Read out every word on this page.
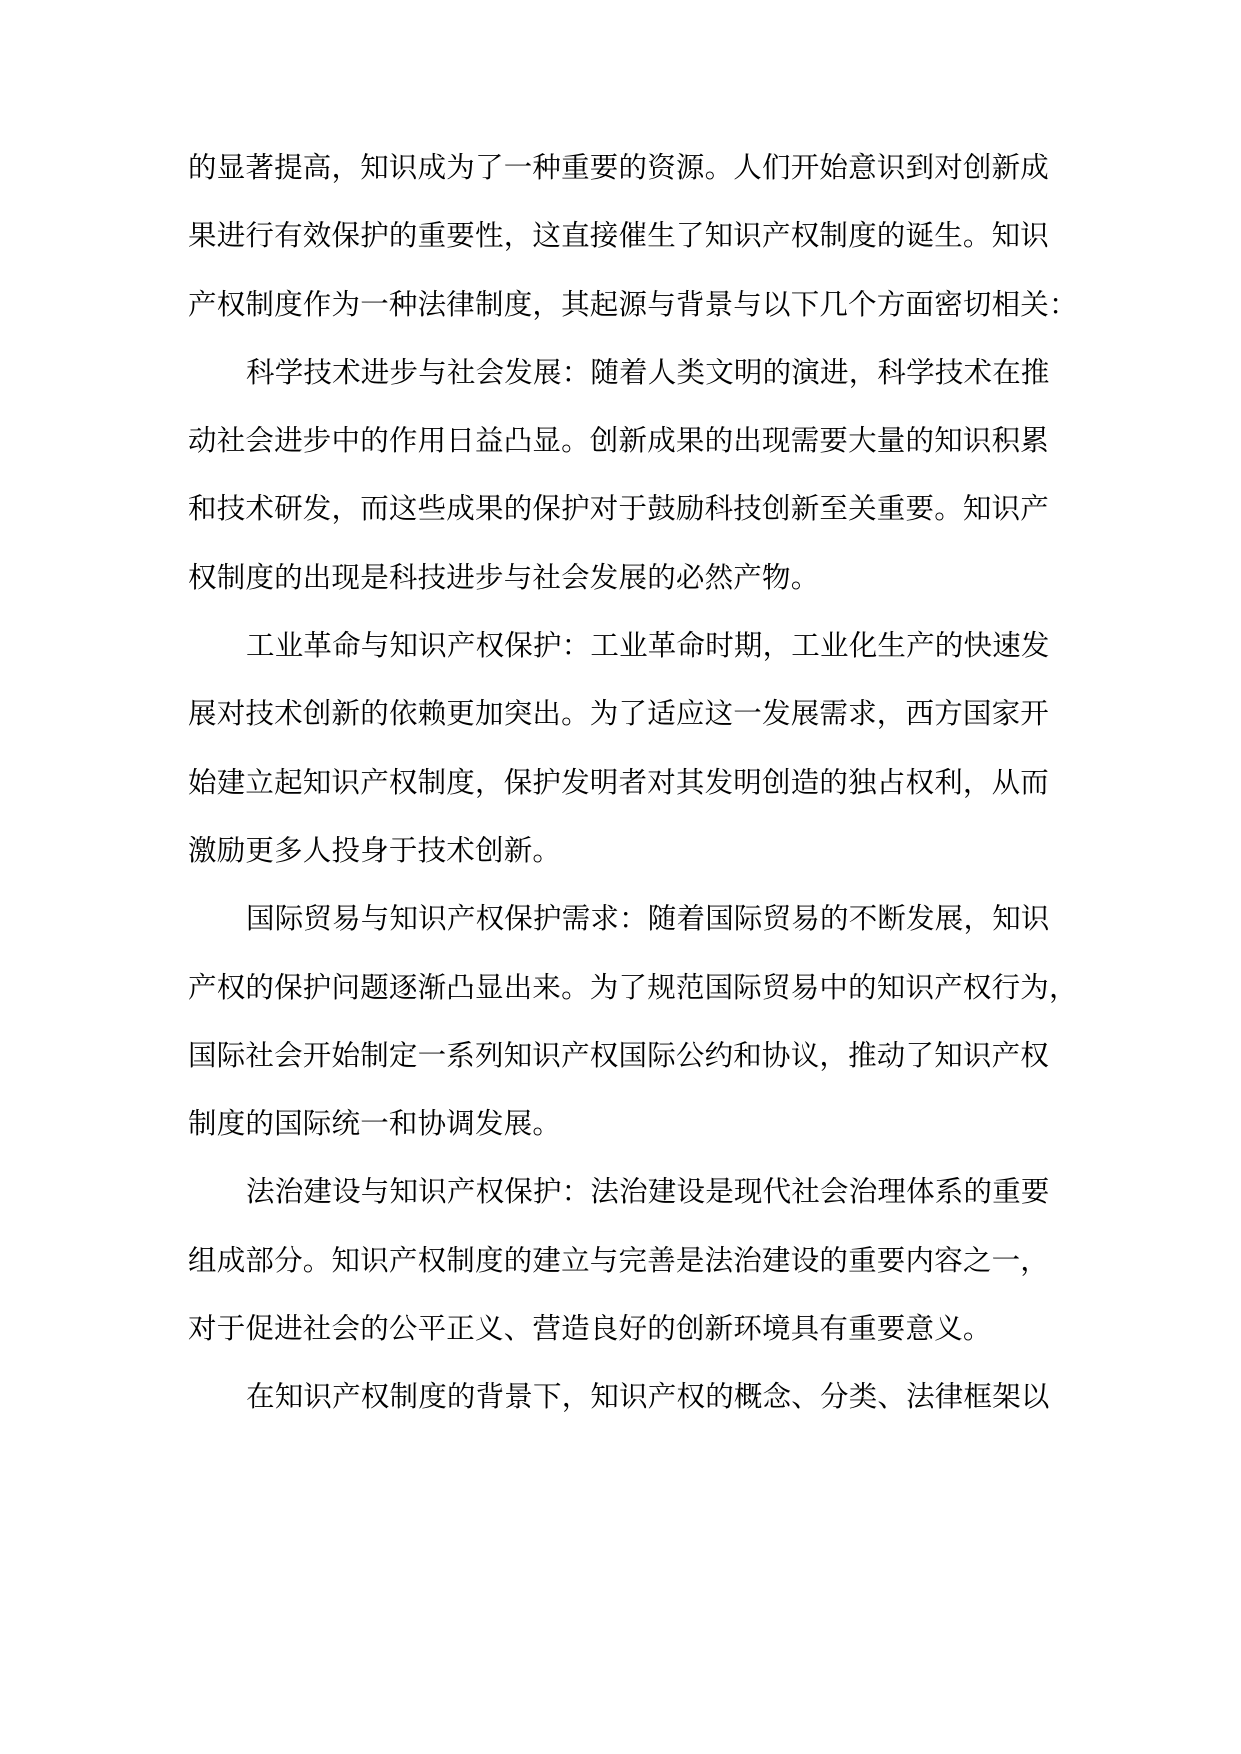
的显著提高，知识成为了一种重要的资源。人们开始意识到对创新成
果进行有效保护的重要性，这直接催生了知识产权制度的诞生。知识
产权制度作为一种法律制度，其起源与背景与以下几个方面密切相关：
科学技术进步与社会发展：随着人类文明的演进，科学技术在推
动社会进步中的作用日益凸显。创新成果的出现需要大量的知识积累
和技术研发，而这些成果的保护对于鼓励科技创新至关重要。知识产
权制度的出现是科技进步与社会发展的必然产物。
工业革命与知识产权保护：工业革命时期，工业化生产的快速发
展对技术创新的依赖更加突出。为了适应这一发展需求，西方国家开
始建立起知识产权制度，保护发明者对其发明创造的独占权利，从而
激励更多人投身于技术创新。
国际贸易与知识产权保护需求：随着国际贸易的不断发展，知识
产权的保护问题逐渐凸显出来。为了规范国际贸易中的知识产权行为，
国际社会开始制定一系列知识产权国际公约和协议，推动了知识产权
制度的国际统一和协调发展。
法治建设与知识产权保护：法治建设是现代社会治理体系的重要
组成部分。知识产权制度的建立与完善是法治建设的重要内容之一，
对于促进社会的公平正义、营造良好的创新环境具有重要意义。
在知识产权制度的背景下，知识产权的概念、分类、法律框架以
